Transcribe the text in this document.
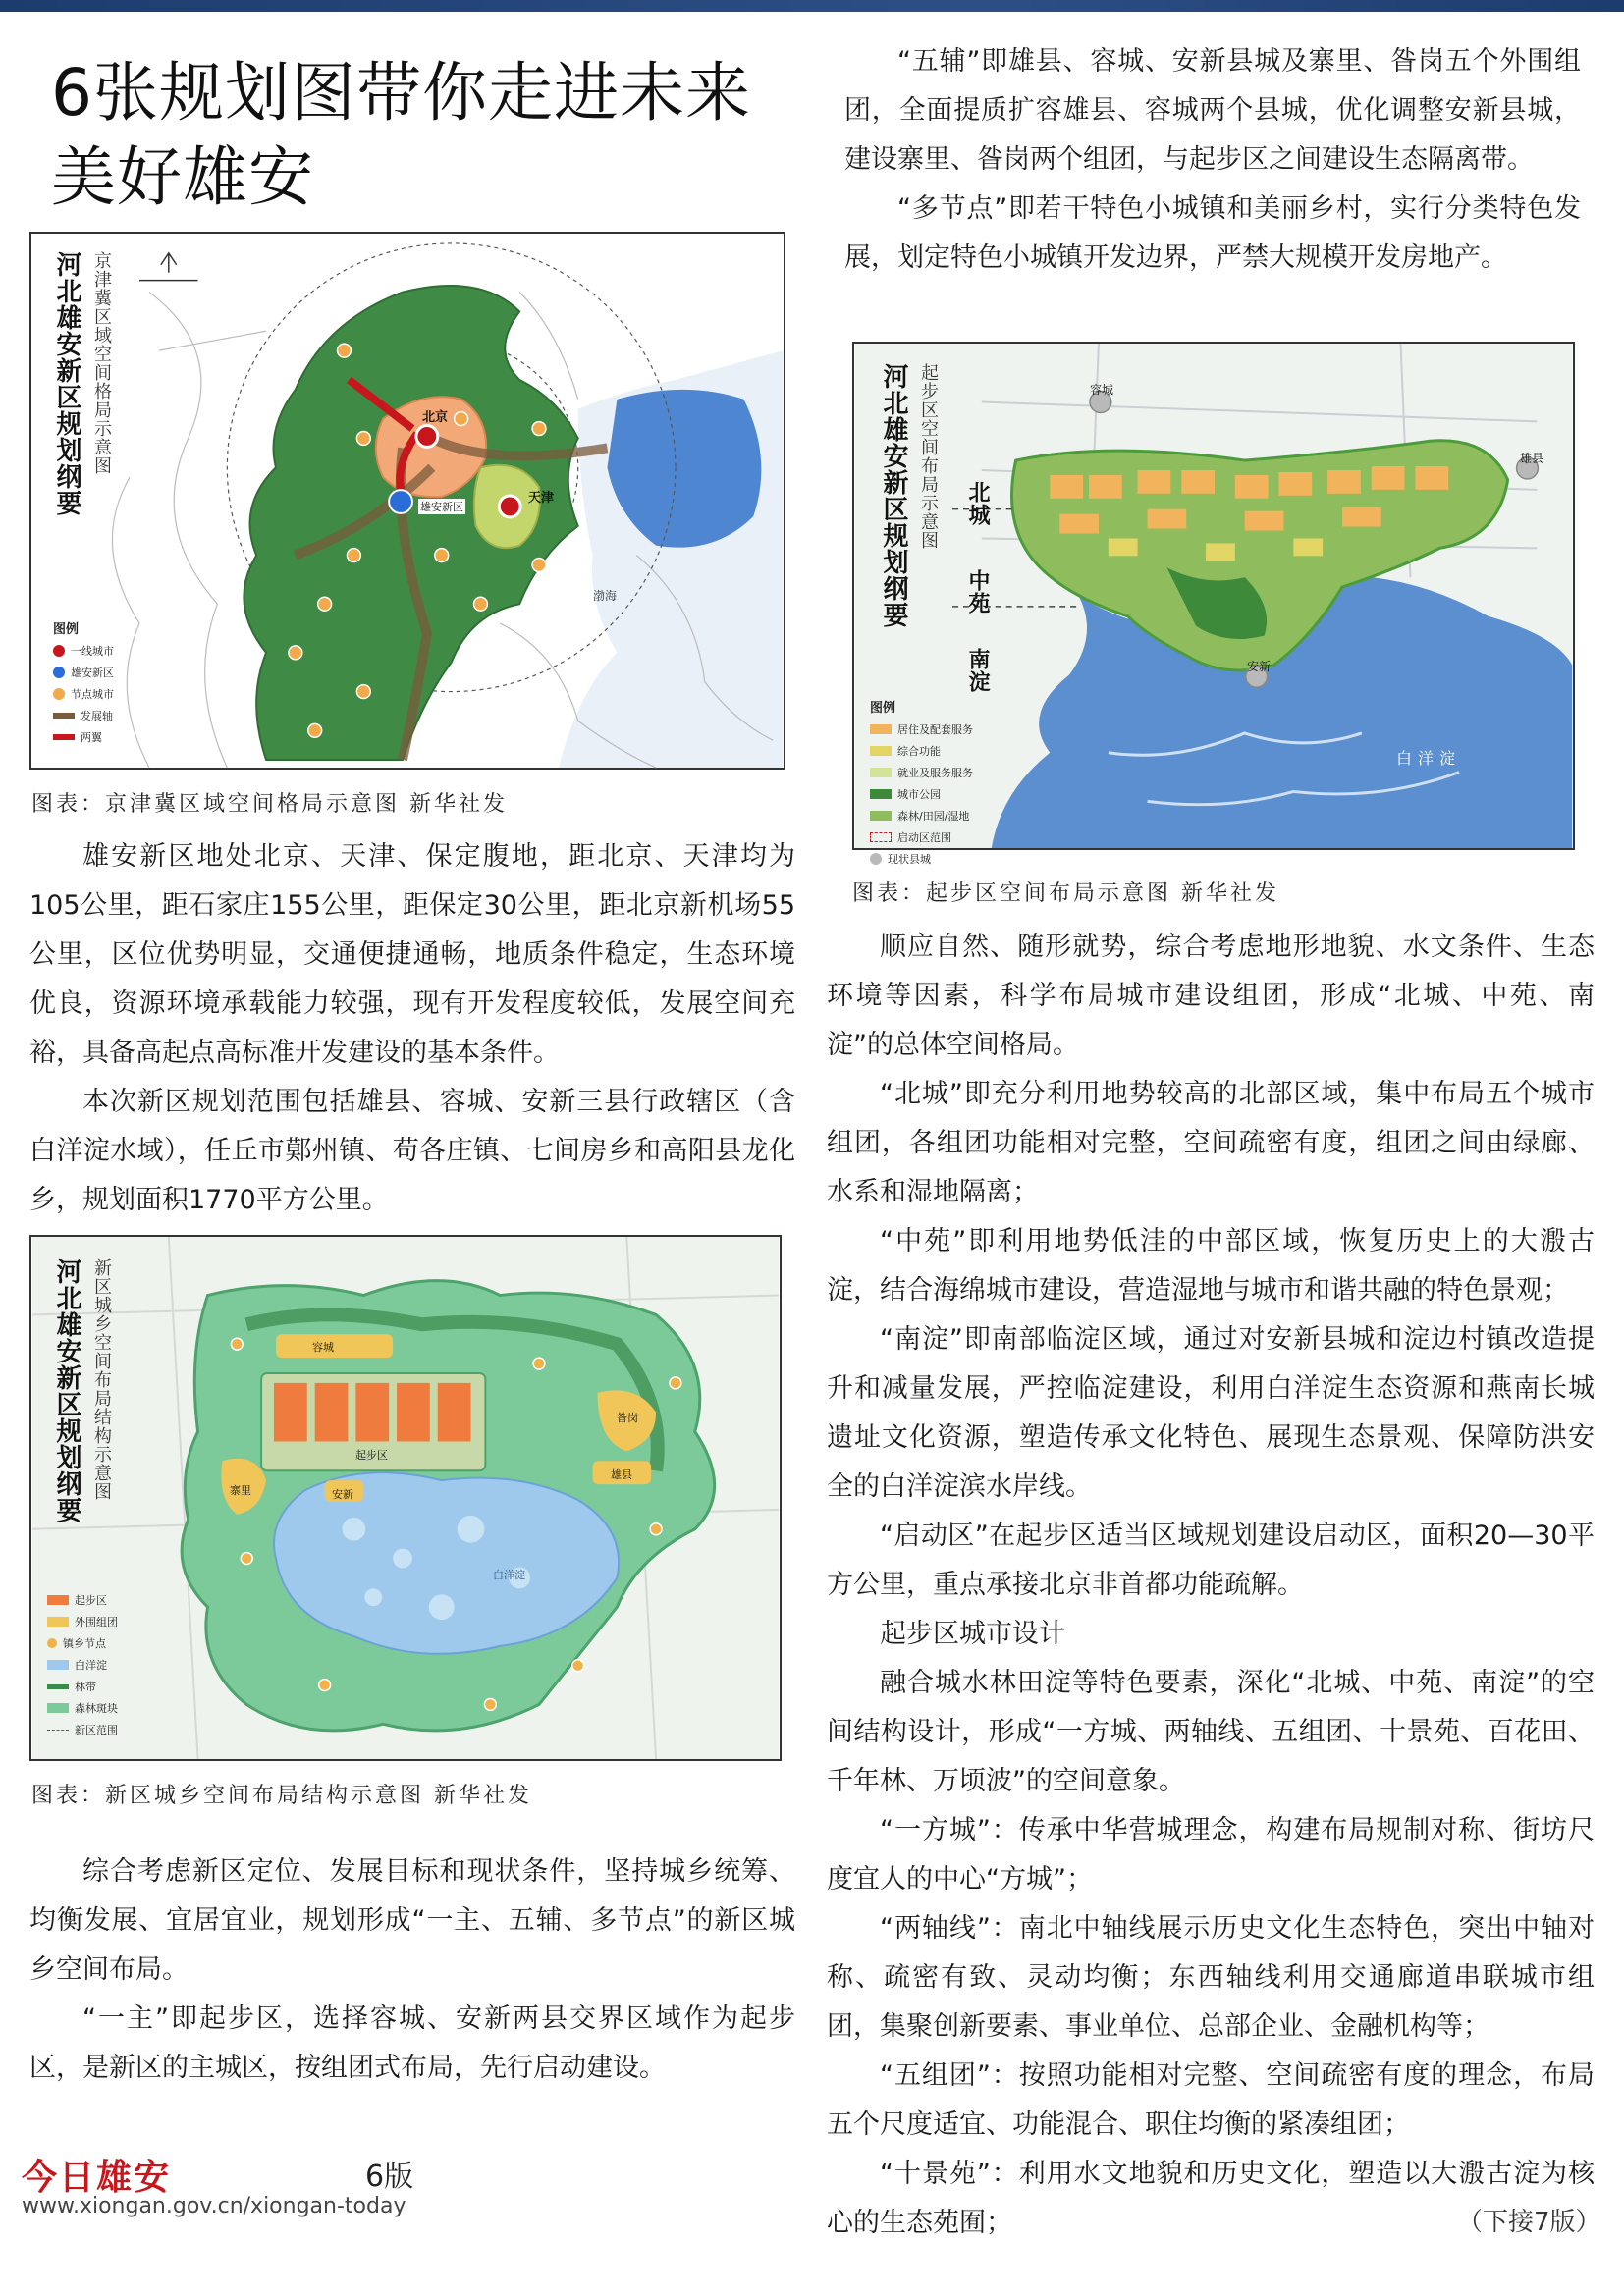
6张规划图带你走进未来
美好雄安
河北雄安新区规划纲要 京津冀区域空间格局示意图	北京
天津
雄安新区
渤海
图例
一线城市
雄安新区
节点城市
发展轴
两翼
图表：京津冀区域空间格局示意图 新华社发
河北雄安新区规划纲要 起步区空间布局示意图 北城
中苑
南淀
容城
雄县
安新
白洋淀
图例
居住及配套服务
综合功能
就业及服务服务
城市公园
森林/田园/湿地
启动区范围
现状县城
图表：起步区空间布局示意图 新华社发
河北雄安新区规划纲要 新区城乡空间布局结构示意图	容城
起步区
昝岗
雄县
寨里	安新
白洋淀
起步区
外围组团
镇乡节点
白洋淀
林带
森林斑块
新区范围
图表：新区城乡空间布局结构示意图 新华社发

雄安新区地处北京、天津、保定腹地，距北京、天津均为105公里，距石家庄155公里，距保定30公里，距北京新机场55公里，区位优势明显，交通便捷通畅，地质条件稳定，生态环境优良，资源环境承载能力较强，现有开发程度较低，发展空间充裕，具备高起点高标准开发建设的基本条件。

本次新区规划范围包括雄县、容城、安新三县行政辖区（含白洋淀水域），任丘市鄚州镇、苟各庄镇、七间房乡和高阳县龙化乡，规划面积1770平方公里。

综合考虑新区定位、发展目标和现状条件，坚持城乡统筹、均衡发展、宜居宜业，规划形成“一主、五辅、多节点”的新区城乡空间布局。

“一主”即起步区，选择容城、安新两县交界区域作为起步区，是新区的主城区，按组团式布局，先行启动建设。

“五辅”即雄县、容城、安新县城及寨里、昝岗五个外围组团，全面提质扩容雄县、容城两个县城，优化调整安新县城，建设寨里、昝岗两个组团，与起步区之间建设生态隔离带。

“多节点”即若干特色小城镇和美丽乡村，实行分类特色发展，划定特色小城镇开发边界，严禁大规模开发房地产。

顺应自然、随形就势，综合考虑地形地貌、水文条件、生态环境等因素，科学布局城市建设组团，形成“北城、中苑、南淀”的总体空间格局。

“北城”即充分利用地势较高的北部区域，集中布局五个城市组团，各组团功能相对完整，空间疏密有度，组团之间由绿廊、水系和湿地隔离；

“中苑”即利用地势低洼的中部区域，恢复历史上的大溵古淀，结合海绵城市建设，营造湿地与城市和谐共融的特色景观；

“南淀”即南部临淀区域，通过对安新县城和淀边村镇改造提升和减量发展，严控临淀建设，利用白洋淀生态资源和燕南长城遗址文化资源，塑造传承文化特色、展现生态景观、保障防洪安全的白洋淀滨水岸线。

“启动区”在起步区适当区域规划建设启动区，面积20—30平方公里，重点承接北京非首都功能疏解。

起步区城市设计

融合城水林田淀等特色要素，深化“北城、中苑、南淀”的空间结构设计，形成“一方城、两轴线、五组团、十景苑、百花田、千年林、万顷波”的空间意象。

“一方城”：传承中华营城理念，构建布局规制对称、街坊尺度宜人的中心“方城”；

“两轴线”：南北中轴线展示历史文化生态特色，突出中轴对称、疏密有致、灵动均衡；东西轴线利用交通廊道串联城市组团，集聚创新要素、事业单位、总部企业、金融机构等；

“五组团”：按照功能相对完整、空间疏密有度的理念，布局五个尺度适宜、功能混合、职住均衡的紧凑组团；

“十景苑”：利用水文地貌和历史文化，塑造以大溵古淀为核心的生态苑囿；

今日雄安	6版
www.xiongan.gov.cn/xiongan-today
（下接7版）
